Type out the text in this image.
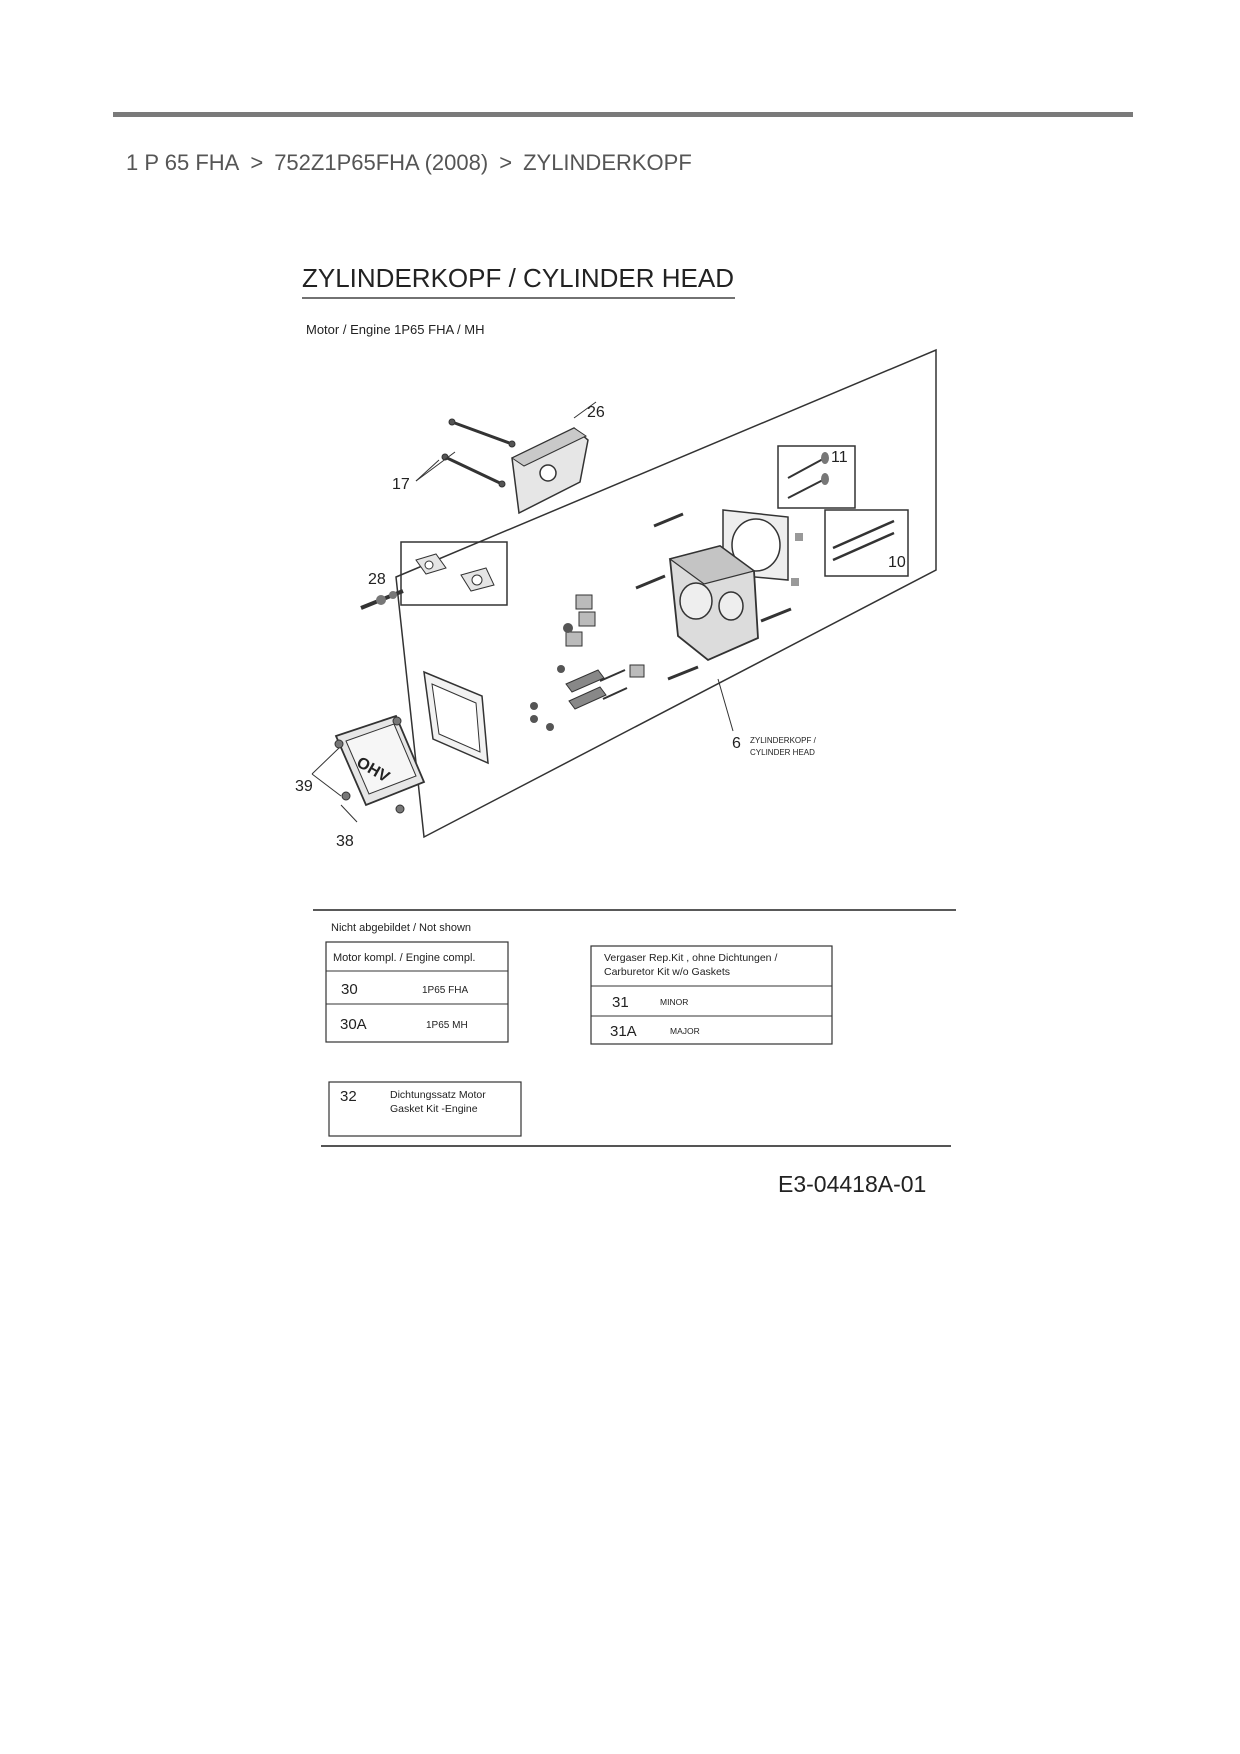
1 P 65 FHA > 752Z1P65FHA (2008) > ZYLINDERKOPF
ZYLINDERKOPF / CYLINDER HEAD
Motor / Engine 1P65 FHA / MH
17
26
11
10
6 ZYLINDERKOPF /
CYLINDER HEAD
28
OHV
38
39
Nicht abgebildet / Not shown
Motor kompl. / Engine compl.
30	1P65 FHA
30A	1P65 MH
Vergaser Rep.Kit , ohne Dichtungen /
Carburetor Kit w/o Gaskets
31	MINOR
31A	MAJOR
32	Dichtungssatz Motor
Gasket Kit -Engine
E3-04418A-01
